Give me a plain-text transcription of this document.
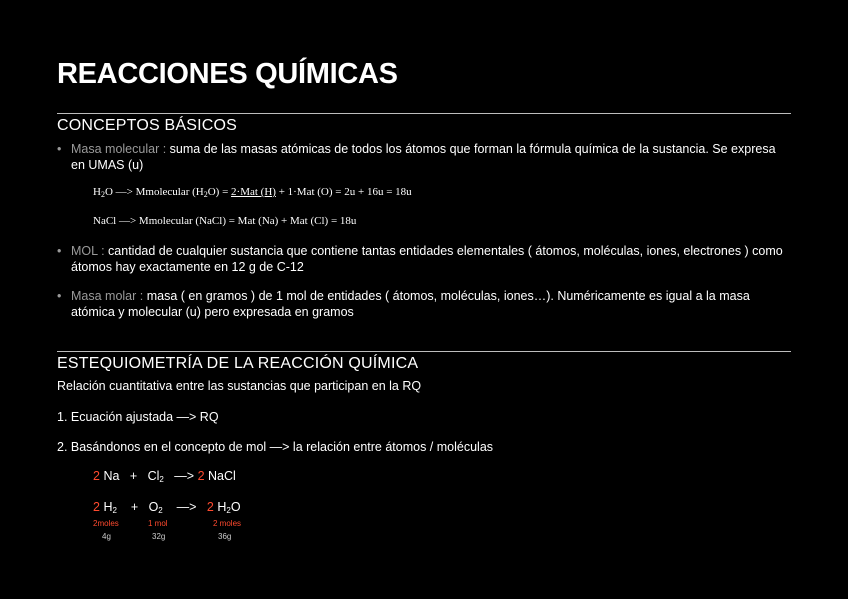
REACCIONES QUÍMICAS
CONCEPTOS BÁSICOS
• Masa molecular : suma de las masas atómicas de todos los átomos que forman la fórmula química de la sustancia. Se expresa en UMAS (u)
$H_2O$ —> Mmolecular $(H_2O) = 2\cdot Mat$ (H) + 1·Mat (O) = 2u + 16u = 18u
NaCl —> Mmolecular (NaCl) = Mat (Na) + Mat (Cl) = 18u
• MOL : cantidad de cualquier sustancia que contiene tantas entidades elementales ( átomos, moléculas, iones, electrones ) como átomos hay exactamente en 12 g de C-12
• Masa molar : masa ( en gramos ) de 1 mol de entidades ( átomos, moléculas, iones…). Numéricamente es igual a la masa atómica y molecular (u) pero expresada en gramos
ESTEQUIOMETRÍA DE LA REACCIÓN QUÍMICA
Relación cuantitativa entre las sustancias que participan en la RQ
1. Ecuación ajustada —> RQ
2. Basándonos en el concepto de mol —> la relación entre átomos / moléculas
2 $Na + Cl_2$ —> 2 NaCl
2 $H_2 + O_2$ —> 2 $H_2O$
2moles	1 mol	2 moles
4g	32g	36g
